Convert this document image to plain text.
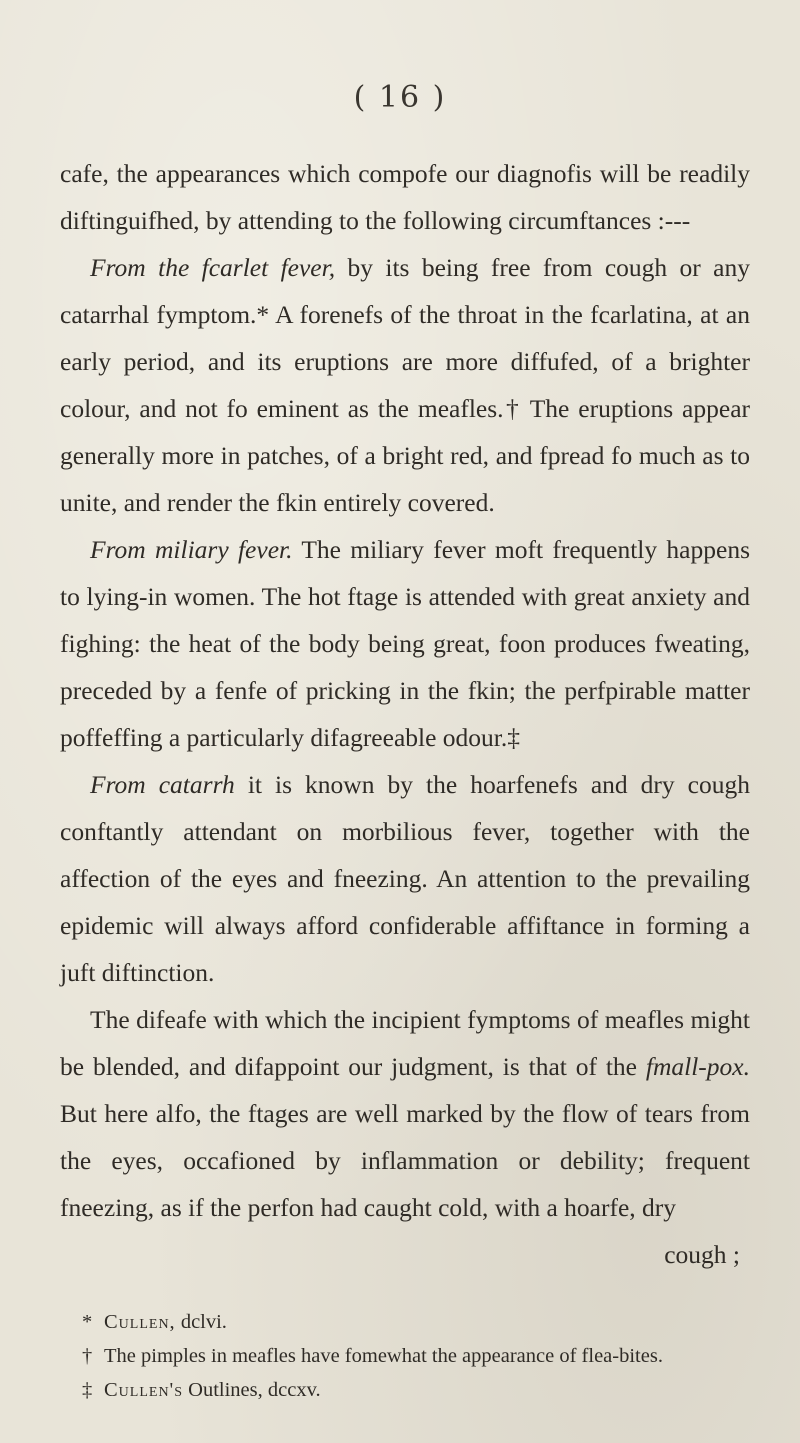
( 16 )

cafe, the appearances which compofe our diagnofis will be readily diftinguifhed, by attending to the following circumftances :---

From the fcarlet fever, by its being free from cough or any catarrhal fymptom.* A forenefs of the throat in the fcarlatina, at an early period, and its eruptions are more diffufed, of a brighter colour, and not fo eminent as the meafles.† The eruptions appear generally more in patches, of a bright red, and fpread fo much as to unite, and render the fkin entirely covered.

From miliary fever. The miliary fever moft frequently happens to lying-in women. The hot ftage is attended with great anxiety and fighing: the heat of the body being great, foon produces fweating, preceded by a fenfe of pricking in the fkin; the perfpirable matter poffeffing a particularly difagreeable odour.‡

From catarrh it is known by the hoarfenefs and dry cough conftantly attendant on morbilious fever, together with the affection of the eyes and fneezing. An attention to the prevailing epidemic will always afford confiderable affiftance in forming a juft diftinction.

The difeafe with which the incipient fymptoms of meafles might be blended, and difappoint our judgment, is that of the fmall-pox. But here alfo, the ftages are well marked by the flow of tears from the eyes, occafioned by inflammation or debility; frequent fneezing, as if the perfon had caught cold, with a hoarfe, dry

cough ;

* Cullen, dclvi.

† The pimples in meafles have fomewhat the appearance of flea-bites.

‡ Cullen's Outlines, dccxv.
